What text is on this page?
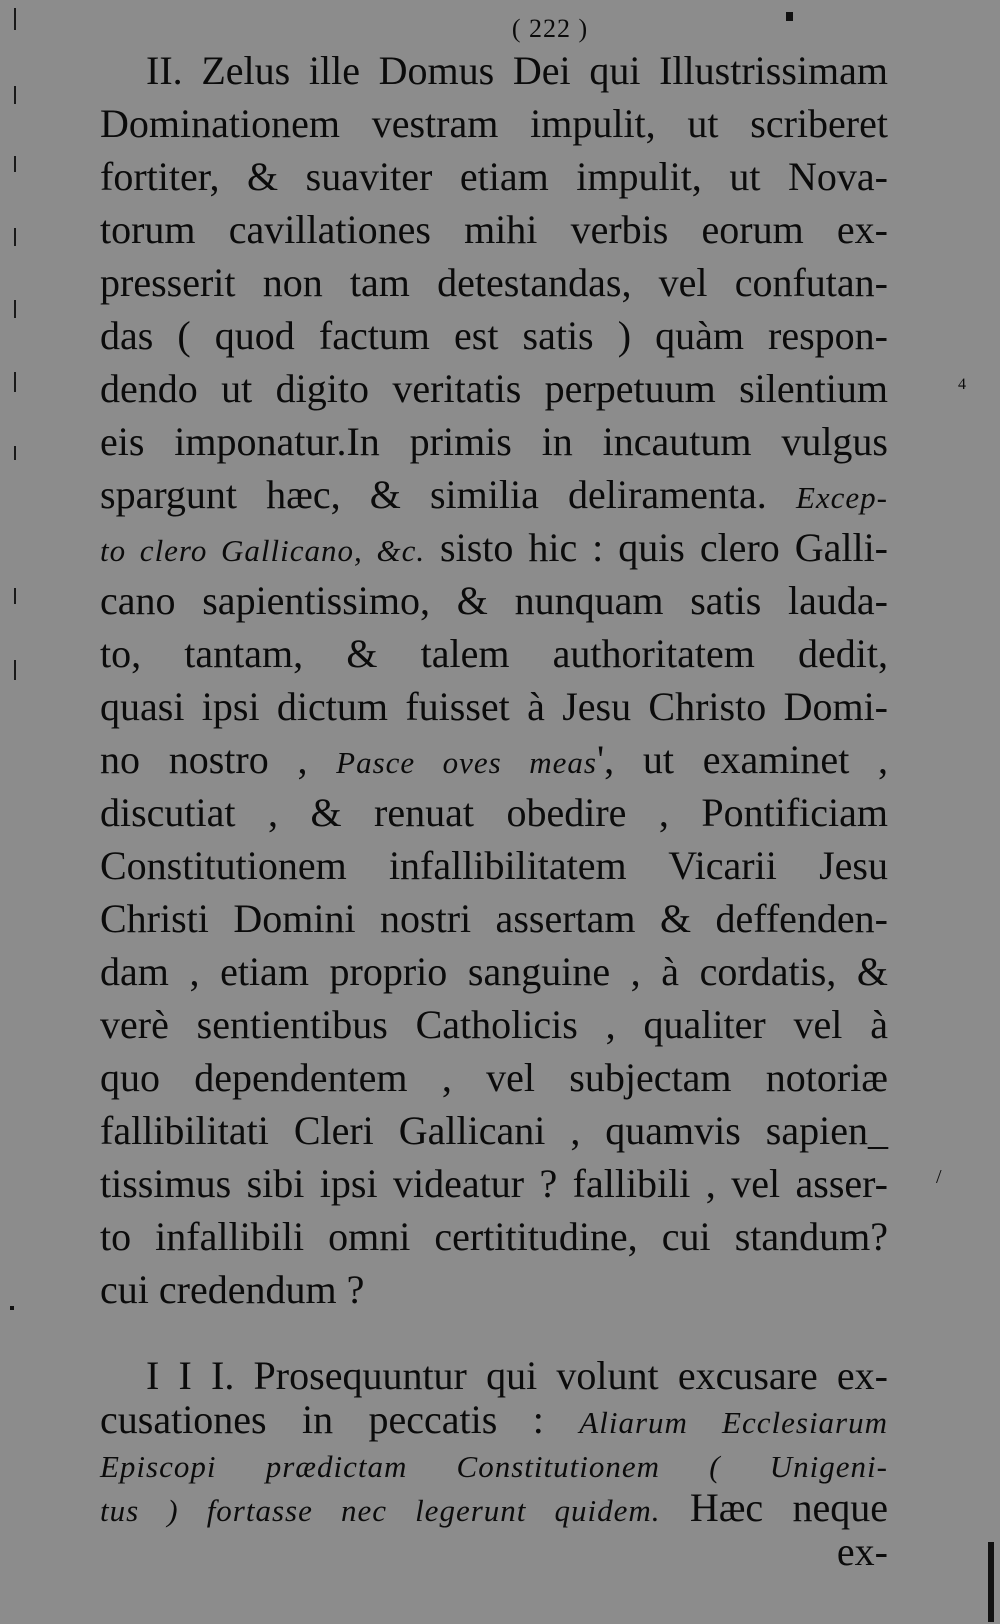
( 222 )
II. Zelus ille Domus Dei qui Illustrissimam
Dominationem vestram impulit, ut scriberet
fortiter, & suaviter etiam impulit, ut Nova-
torum cavillationes mihi verbis eorum ex-
presserit non tam detestandas, vel confutan-
das ( quod factum est satis ) quàm respon-
dendo ut digito veritatis perpetuum silentium
eis imponatur.In primis in incautum vulgus
spargunt hæc, & similia deliramenta. Excep-
to clero Gallicano, &c. sisto hic : quis clero Galli-
cano sapientissimo, & nunquam satis lauda-
to, tantam, & talem authoritatem dedit,
quasi ipsi dictum fuisset à Jesu Christo Domi-
no nostro , Pasce oves meas', ut examinet ,
discutiat , & renuat obedire , Pontificiam
Constitutionem infallibilitatem Vicarii Jesu
Christi Domini nostri assertam & deffenden-
dam , etiam proprio sanguine , à cordatis, &
verè sentientibus Catholicis , qualiter vel à
quo dependentem , vel subjectam notoriæ
fallibilitati Cleri Gallicani , quamvis sapien_
tissimus sibi ipsi videatur ? fallibili , vel asser-
to infallibili omni certititudine, cui standum?
cui credendum ?
I I I. Prosequuntur qui volunt excusare ex-
cusationes in peccatis : Aliarum Ecclesiarum
Episcopi prædictam Constitutionem ( Unigeni-
tus ) fortasse nec legerunt quidem. Hæc neque
ex-
4
/
